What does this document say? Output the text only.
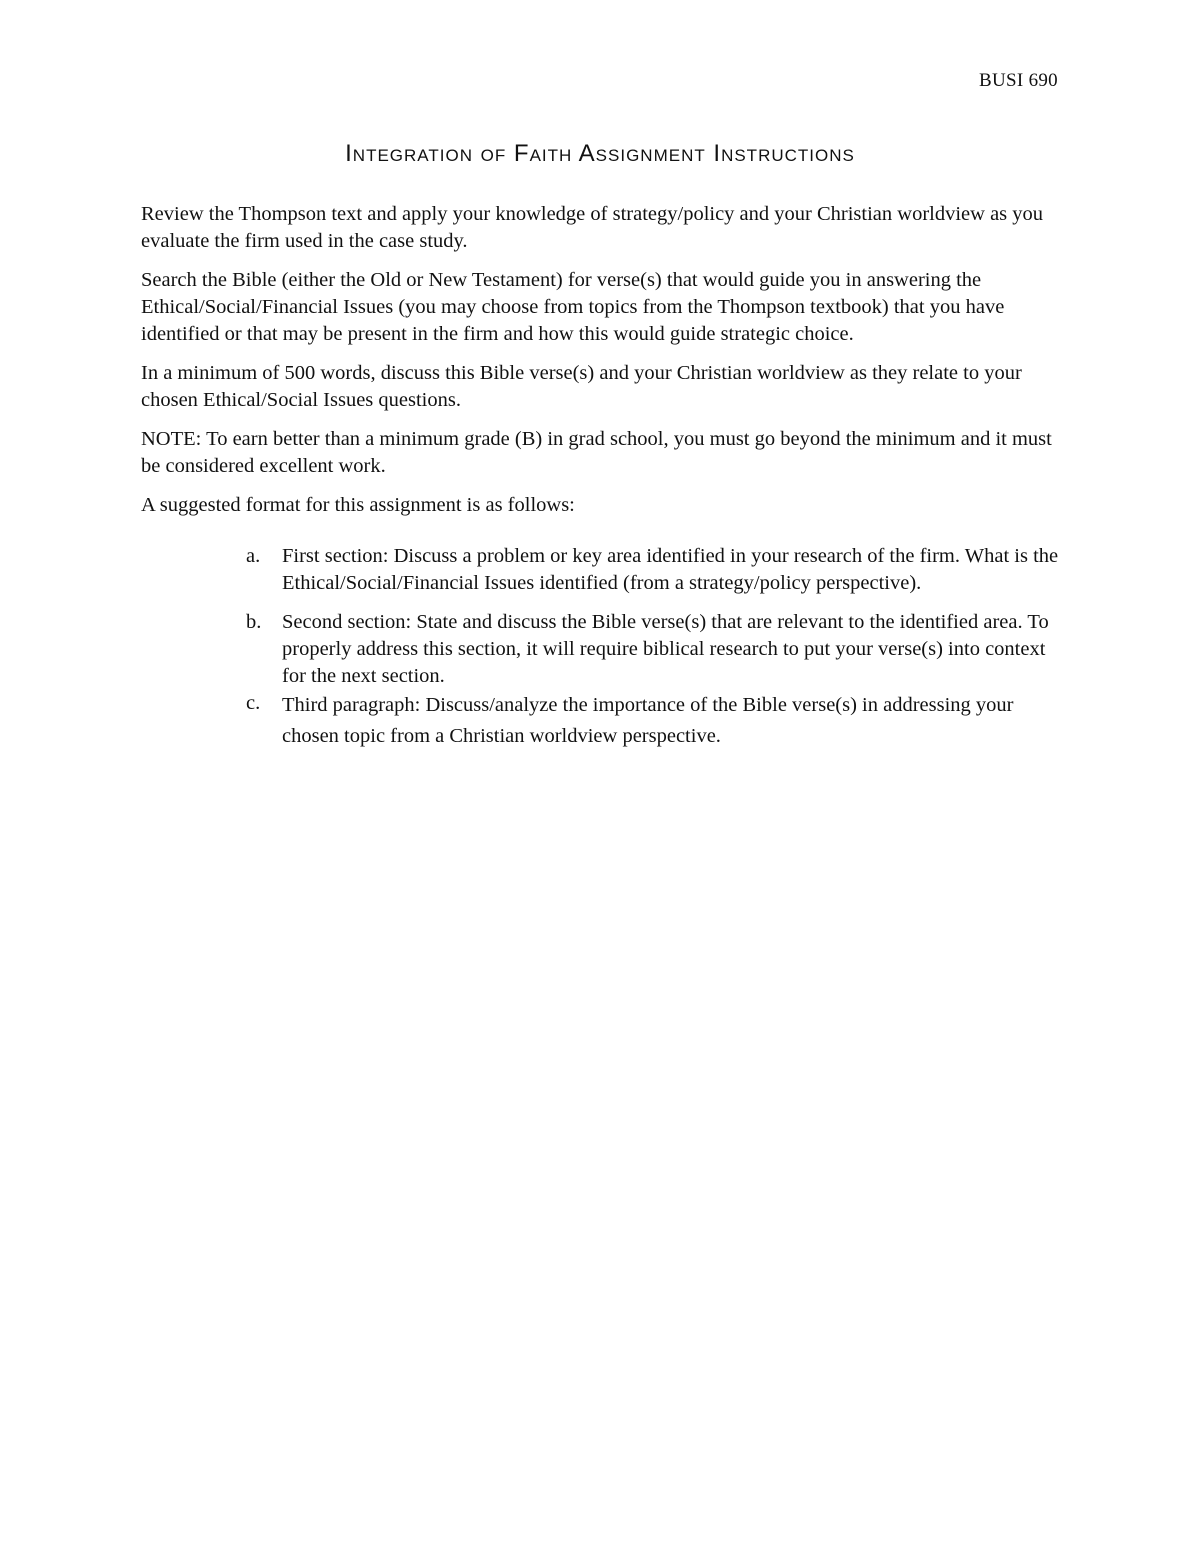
BUSI 690
Integration of Faith Assignment Instructions

Review the Thompson text and apply your knowledge of strategy/policy and your Christian worldview as you evaluate the firm used in the case study.

Search the Bible (either the Old or New Testament) for verse(s) that would guide you in answering the Ethical/Social/Financial Issues (you may choose from topics from the Thompson textbook) that you have identified or that may be present in the firm and how this would guide strategic choice.

In a minimum of 500 words, discuss this Bible verse(s) and your Christian worldview as they relate to your chosen Ethical/Social Issues questions.

NOTE: To earn better than a minimum grade (B) in grad school, you must go beyond the minimum and it must be considered excellent work.

A suggested format for this assignment is as follows:

a. First section: Discuss a problem or key area identified in your research of the firm. What is the Ethical/Social/Financial Issues identified (from a strategy/policy perspective).
b. Second section: State and discuss the Bible verse(s) that are relevant to the identified area. To properly address this section, it will require biblical research to put your verse(s) into context for the next section.
c. Third paragraph: Discuss/analyze the importance of the Bible verse(s) in addressing your chosen topic from a Christian worldview perspective.
